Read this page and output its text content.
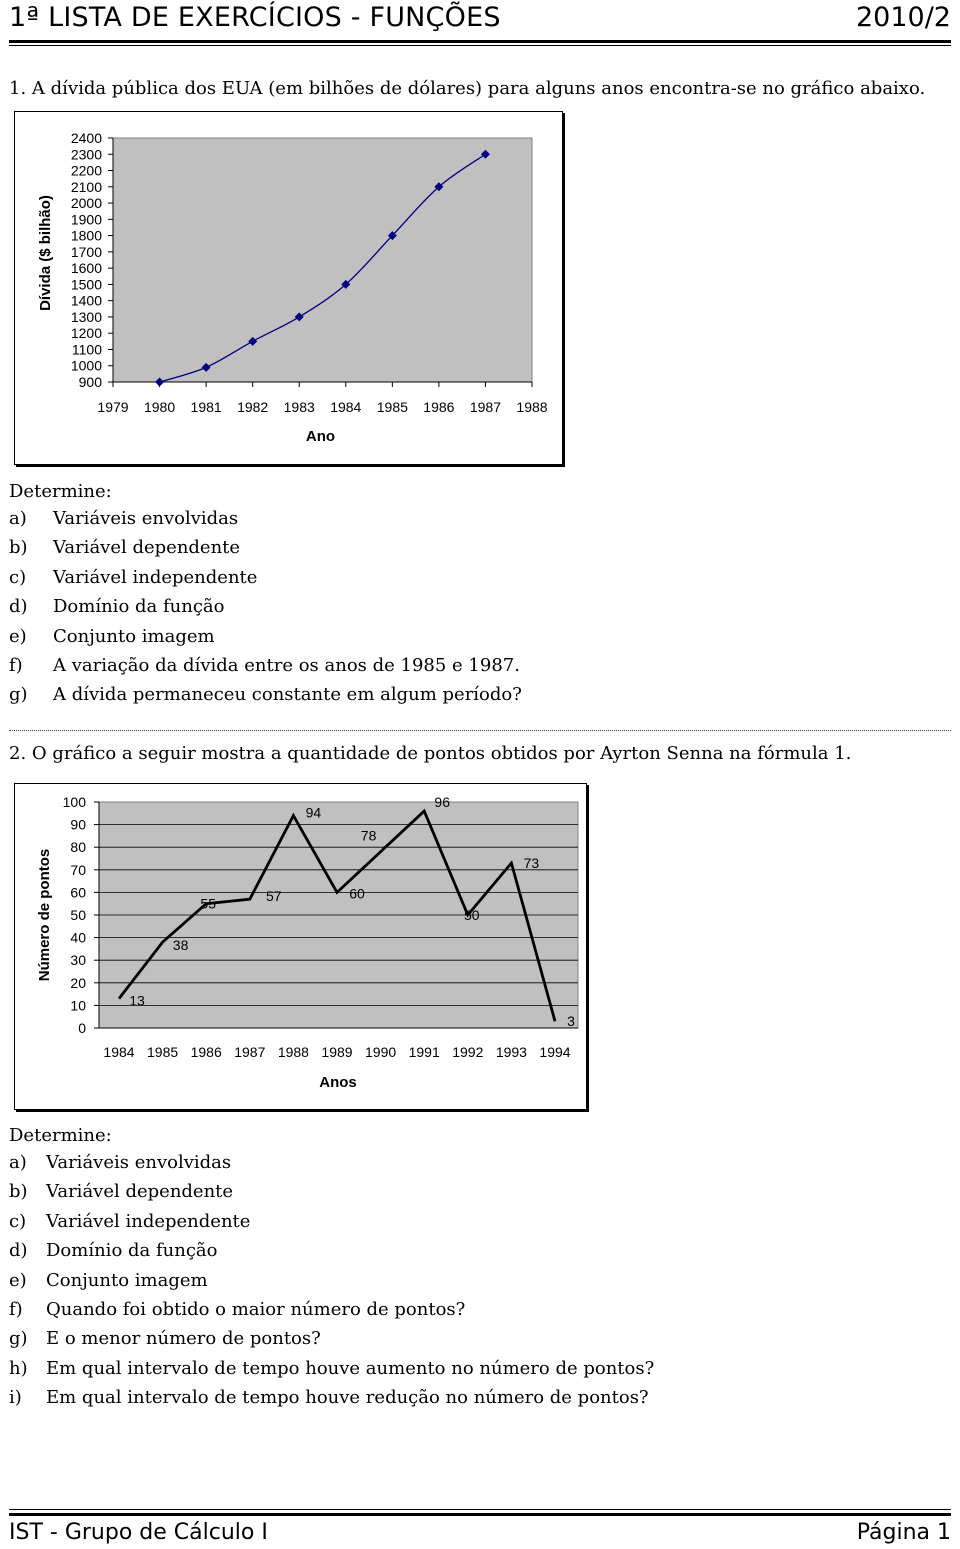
1ª LISTA DE EXERCÍCIOS - FUNÇÕES	2010/2
1. A dívida pública dos EUA (em bilhões de dólares) para alguns anos encontra-se no gráfico abaixo.
900
1000
1100
1200
1300
1400
1500
1600
1700
1800
1900
2000
2100
2200
2300
2400
1979 1980 1981 1982 1983 1984 1985 1986 1987 1988
Ano
Dívida ($ bilhão)
Determine:
a)	Variáveis envolvidas
b)	Variável dependente
c)	Variável independente
d)	Domínio da função
e)	Conjunto imagem
f)	A variação da dívida entre os anos de 1985 e 1987.
g)	A dívida permaneceu constante em algum período?
2. O gráfico a seguir mostra a quantidade de pontos obtidos por Ayrton Senna na fórmula 1.
0
10
20
30
40
50
60
70
80
90
100
1984 1985 1986 1987 1988 1989 1990 1991 1992 1993 1994
Anos
Número de pontos
13
38
55	57
94
60
78
96
50
73
3
Determine:
a)	Variáveis envolvidas
b)	Variável dependente
c)	Variável independente
d)	Domínio da função
e)	Conjunto imagem
f)	Quando foi obtido o maior número de pontos?
g)	E o menor número de pontos?
h)	Em qual intervalo de tempo houve aumento no número de pontos?
i)	Em qual intervalo de tempo houve redução no número de pontos?
IST - Grupo de Cálculo I	Página 1
